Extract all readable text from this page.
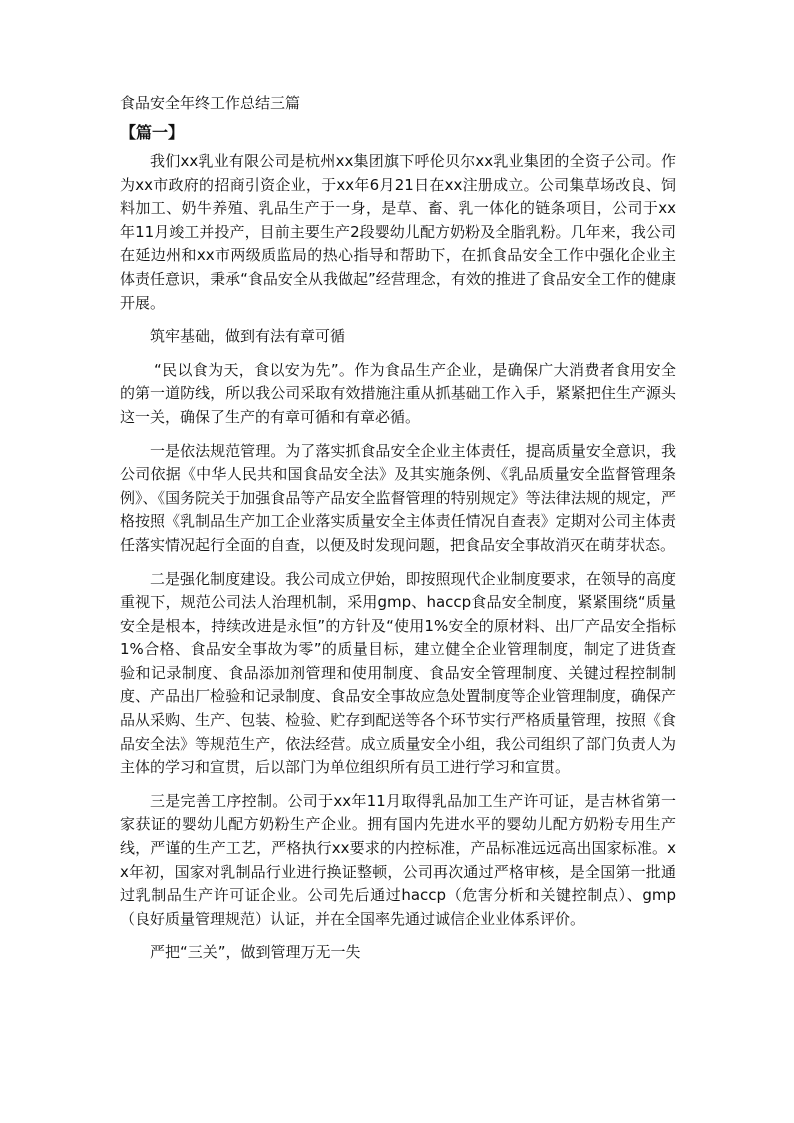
食品安全年终工作总结三篇
【篇一】

我们xx乳业有限公司是杭州xx集团旗下呼伦贝尔xx乳业集团的全资子公司。作为xx市政府的招商引资企业，于xx年6月21日在xx注册成立。公司集草场改良、饲料加工、奶牛养殖、乳品生产于一身，是草、畜、乳一体化的链条项目，公司于xx年11月竣工并投产，目前主要生产2段婴幼儿配方奶粉及全脂乳粉。几年来，我公司在延边州和xx市两级质监局的热心指导和帮助下，在抓食品安全工作中强化企业主体责任意识，秉承“食品安全从我做起”经营理念，有效的推进了食品安全工作的健康开展。

筑牢基础，做到有法有章可循

“民以食为天，食以安为先”。作为食品生产企业，是确保广大消费者食用安全的第一道防线，所以我公司采取有效措施注重从抓基础工作入手，紧紧把住生产源头这一关，确保了生产的有章可循和有章必循。

一是依法规范管理。为了落实抓食品安全企业主体责任，提高质量安全意识，我公司依据《中华人民共和国食品安全法》及其实施条例、《乳品质量安全监督管理条例》、《国务院关于加强食品等产品安全监督管理的特别规定》等法律法规的规定，严格按照《乳制品生产加工企业落实质量安全主体责任情况自查表》定期对公司主体责任落实情况起行全面的自查，以便及时发现问题，把食品安全事故消灭在萌芽状态。

二是强化制度建设。我公司成立伊始，即按照现代企业制度要求，在领导的高度重视下，规范公司法人治理机制，采用gmp、haccp食品安全制度，紧紧围绕“质量安全是根本，持续改进是永恒”的方针及“使用1%安全的原材料、出厂产品安全指标1%合格、食品安全事故为零”的质量目标，建立健全企业管理制度，制定了进货查验和记录制度、食品添加剂管理和使用制度、食品安全管理制度、关键过程控制制度、产品出厂检验和记录制度、食品安全事故应急处置制度等企业管理制度，确保产品从采购、生产、包装、检验、贮存到配送等各个环节实行严格质量管理，按照《食品安全法》等规范生产，依法经营。成立质量安全小组，我公司组织了部门负责人为主体的学习和宣贯，后以部门为单位组织所有员工进行学习和宣贯。

三是完善工序控制。公司于xx年11月取得乳品加工生产许可证，是吉林省第一家获证的婴幼儿配方奶粉生产企业。拥有国内先进水平的婴幼儿配方奶粉专用生产线，严谨的生产工艺，严格执行xx要求的内控标准，产品标准远远高出国家标准。xx年初，国家对乳制品行业进行换证整顿，公司再次通过严格审核，是全国第一批通过乳制品生产许可证企业。公司先后通过haccp（危害分析和关键控制点）、gmp（良好质量管理规范）认证，并在全国率先通过诚信企业业体系评价。

严把“三关”，做到管理万无一失
